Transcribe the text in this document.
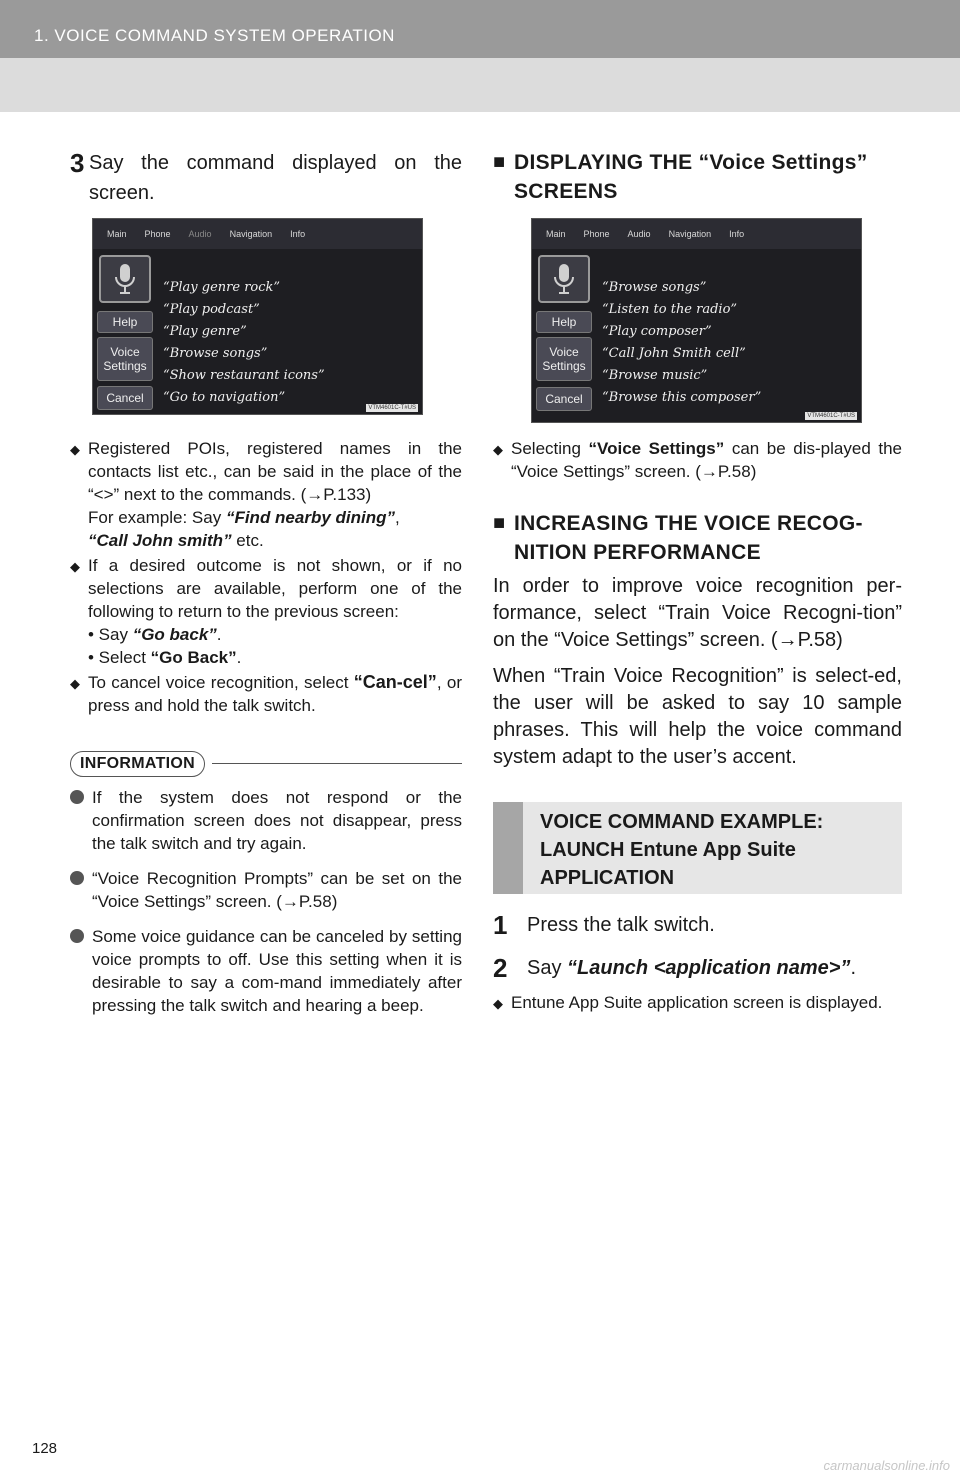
1. VOICE COMMAND SYSTEM OPERATION
3 Say the command displayed on the screen.
Main	Phone	Audio	Navigation	Info
Help
Voice Settings
Cancel
“Play genre rock”
“Play podcast”
“Play genre”
“Browse songs”
“Show restaurant icons”
“Go to navigation”
VTM4601C-T#US
◆ Registered POIs, registered names in the contacts list etc., can be said in the place of the “<>” next to the commands. (→P.133)
For example: Say “Find nearby dining”,
“Call John smith” etc.
◆ If a desired outcome is not shown, or if no selections are available, perform one of the following to return to the previous screen:
• Say “Go back”.
• Select “Go Back”.
◆ To cancel voice recognition, select “Can-cel”, or press and hold the talk switch.
INFORMATION
If the system does not respond or the confirmation screen does not disappear, press the talk switch and try again.
“Voice Recognition Prompts” can be set on the “Voice Settings” screen. (→P.58)
Some voice guidance can be canceled by setting voice prompts to off. Use this setting when it is desirable to say a com-mand immediately after pressing the talk switch and hearing a beep.
■ DISPLAYING THE “Voice Settings” SCREENS
Main	Phone	Audio	Navigation	Info
Help
Voice Settings
Cancel
“Browse songs”
“Listen to the radio”
“Play composer”
“Call John Smith cell”
“Browse music”
“Browse this composer”
VTM4601C-T#US
◆ Selecting “Voice Settings” can be dis-played the “Voice Settings” screen. (→P.58)
■ INCREASING THE VOICE RECOG-NITION PERFORMANCE

In order to improve voice recognition per-formance, select “Train Voice Recogni-tion” on the “Voice Settings” screen. (→P.58)

When “Train Voice Recognition” is select-ed, the user will be asked to say 10 sample phrases. This will help the voice command system adapt to the user’s accent.

VOICE COMMAND EXAMPLE: LAUNCH Entune App Suite APPLICATION
1 Press the talk switch.
2 Say “Launch <application name>”.
◆ Entune App Suite application screen is displayed.
128
carmanualsonline.info
